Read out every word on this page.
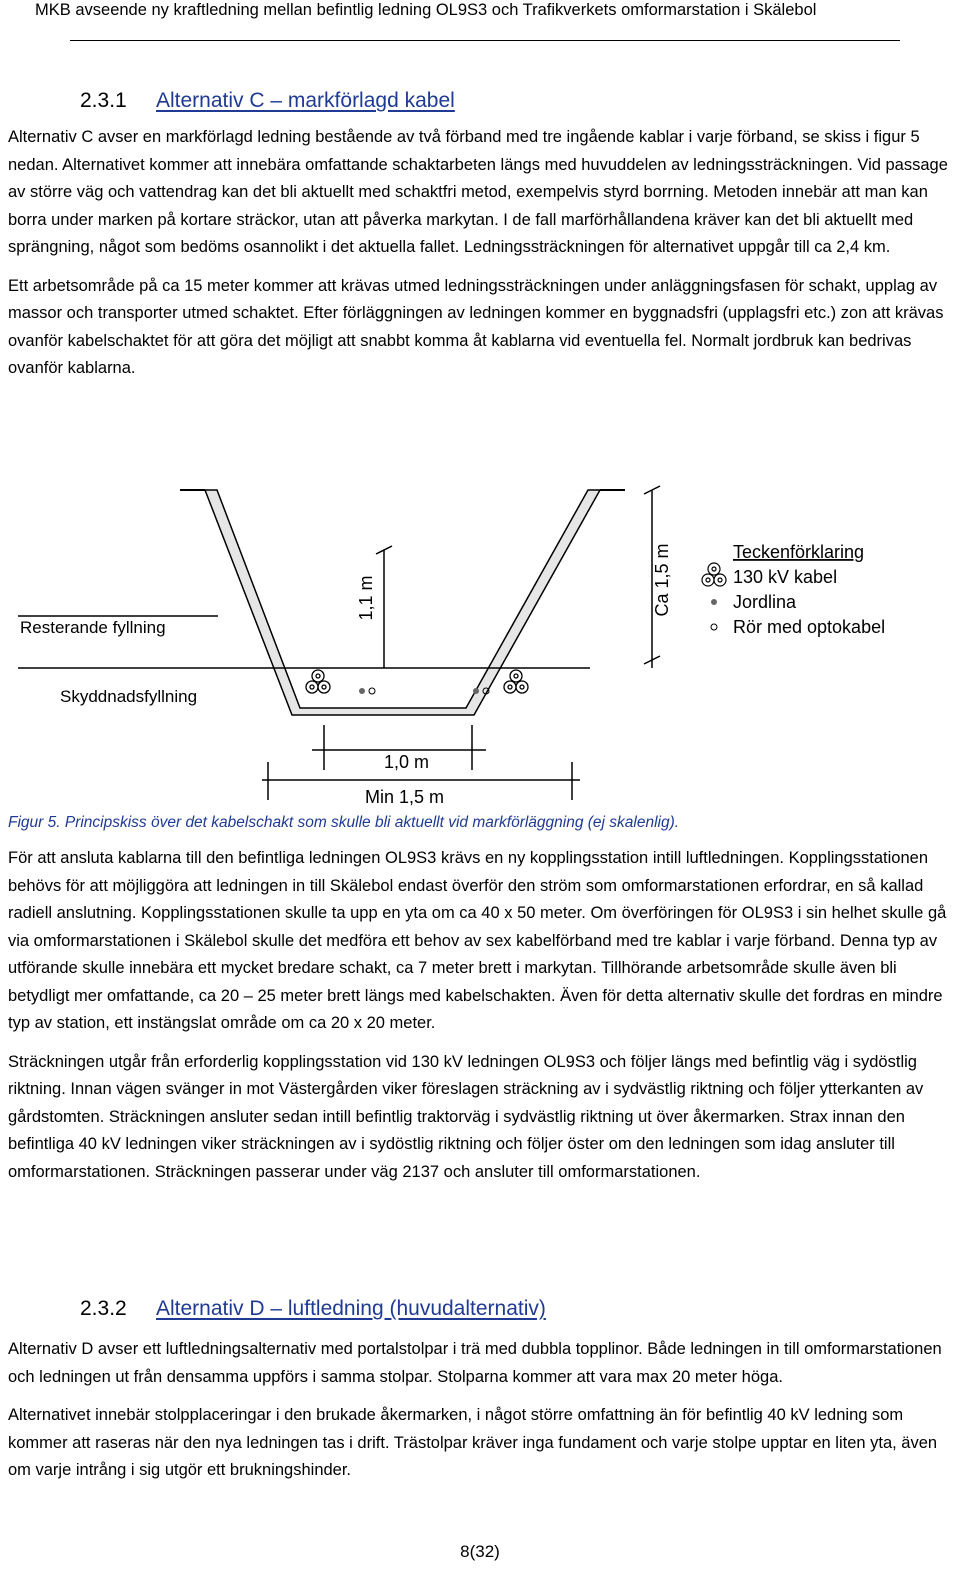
MKB avseende ny kraftledning mellan befintlig ledning OL9S3 och Trafikverkets omformarstation i Skälebol
2.3.1 Alternativ C – markförlagd kabel

Alternativ C avser en markförlagd ledning bestående av två förband med tre ingående kablar i varje förband, se skiss i figur 5 nedan. Alternativet kommer att innebära omfattande schaktarbeten längs med huvuddelen av ledningssträckningen. Vid passage av större väg och vattendrag kan det bli aktuellt med schaktfri metod, exempelvis styrd borrning. Metoden innebär att man kan borra under marken på kortare sträckor, utan att påverka markytan. I de fall marförhållandena kräver kan det bli aktuellt med sprängning, något som bedöms osannolikt i det aktuella fallet. Ledningssträckningen för alternativet uppgår till ca 2,4 km.

Ett arbetsområde på ca 15 meter kommer att krävas utmed ledningssträckningen under anläggningsfasen för schakt, upplag av massor och transporter utmed schaktet. Efter förläggningen av ledningen kommer en byggnadsfri (upplagsfri etc.) zon att krävas ovanför kabelschaktet för att göra det möjligt att snabbt komma åt kablarna vid eventuella fel. Normalt jordbruk kan bedrivas ovanför kablarna.

Resterande fyllning
Skyddnadsfyllning
1,1 m	Ca 1,5 m
1,0 m
Min 1,5 m
Teckenförklaring
130 kV kabel
Jordlina
Rör med optokabel
Figur 5. Principskiss över det kabelschakt som skulle bli aktuellt vid markförläggning (ej skalenlig).

För att ansluta kablarna till den befintliga ledningen OL9S3 krävs en ny kopplingsstation intill luftledningen. Kopplingsstationen behövs för att möjliggöra att ledningen in till Skälebol endast överför den ström som omformarstationen erfordrar, en så kallad radiell anslutning. Kopplingsstationen skulle ta upp en yta om ca 40 x 50 meter. Om överföringen för OL9S3 i sin helhet skulle gå via omformarstationen i Skälebol skulle det medföra ett behov av sex kabelförband med tre kablar i varje förband. Denna typ av utförande skulle innebära ett mycket bredare schakt, ca 7 meter brett i markytan. Tillhörande arbetsområde skulle även bli betydligt mer omfattande, ca 20 – 25 meter brett längs med kabelschakten. Även för detta alternativ skulle det fordras en mindre typ av station, ett instängslat område om ca 20 x 20 meter.

Sträckningen utgår från erforderlig kopplingsstation vid 130 kV ledningen OL9S3 och följer längs med befintlig väg i sydöstlig riktning. Innan vägen svänger in mot Västergården viker föreslagen sträckning av i sydvästlig riktning och följer ytterkanten av gårdstomten. Sträckningen ansluter sedan intill befintlig traktorväg i sydvästlig riktning ut över åkermarken. Strax innan den befintliga 40 kV ledningen viker sträckningen av i sydöstlig riktning och följer öster om den ledningen som idag ansluter till omformarstationen. Sträckningen passerar under väg 2137 och ansluter till omformarstationen.

2.3.2 Alternativ D – luftledning (huvudalternativ)

Alternativ D avser ett luftledningsalternativ med portalstolpar i trä med dubbla topplinor. Både ledningen in till omformarstationen och ledningen ut från densamma uppförs i samma stolpar. Stolparna kommer att vara max 20 meter höga.

Alternativet innebär stolpplaceringar i den brukade åkermarken, i något större omfattning än för befintlig 40 kV ledning som kommer att raseras när den nya ledningen tas i drift. Trästolpar kräver inga fundament och varje stolpe upptar en liten yta, även om varje intrång i sig utgör ett brukningshinder.

8(32)
